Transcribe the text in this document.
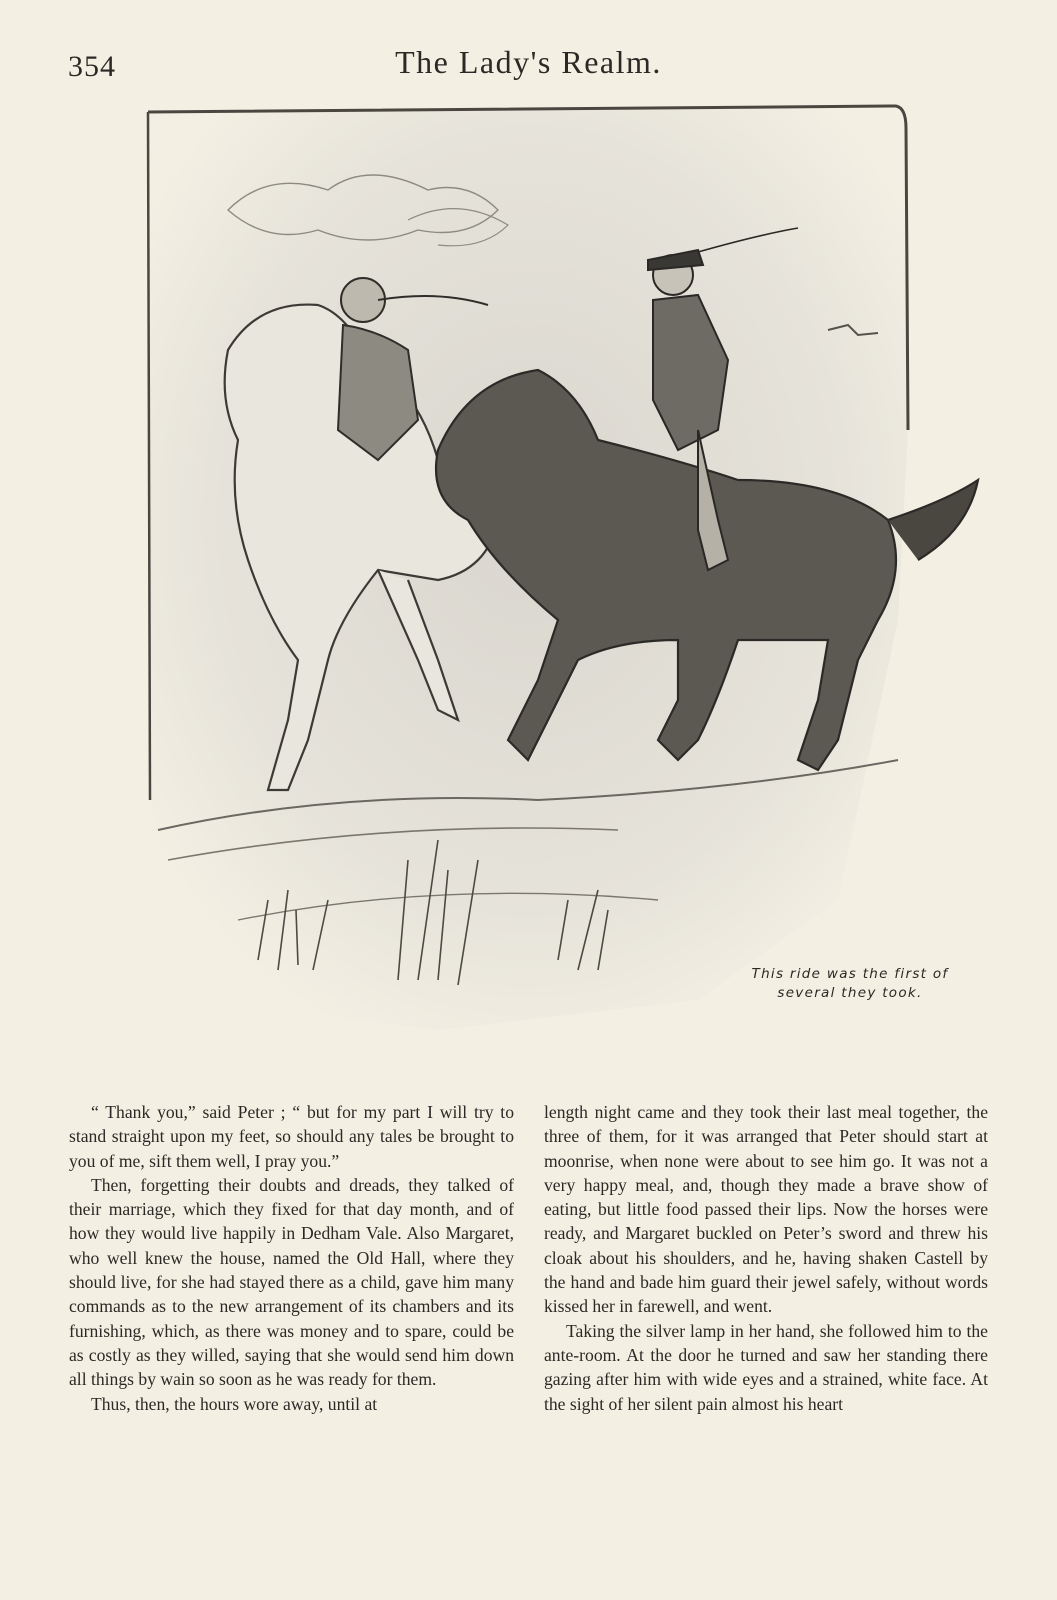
354	The Lady's Realm.
This ride was the first of
several they took.

“ Thank you,” said Peter ; “ but for my part I will try to stand straight upon my feet, so should any tales be brought to you of me, sift them well, I pray you.”

Then, forgetting their doubts and dreads, they talked of their marriage, which they fixed for that day month, and of how they would live happily in Dedham Vale. Also Margaret, who well knew the house, named the Old Hall, where they should live, for she had stayed there as a child, gave him many commands as to the new arrangement of its chambers and its furnishing, which, as there was money and to spare, could be as costly as they willed, saying that she would send him down all things by wain so soon as he was ready for them.

Thus, then, the hours wore away, until at

length night came and they took their last meal together, the three of them, for it was arranged that Peter should start at moonrise, when none were about to see him go. It was not a very happy meal, and, though they made a brave show of eating, but little food passed their lips. Now the horses were ready, and Margaret buckled on Peter’s sword and threw his cloak about his shoulders, and he, having shaken Castell by the hand and bade him guard their jewel safely, without words kissed her in farewell, and went.

Taking the silver lamp in her hand, she followed him to the ante-room. At the door he turned and saw her standing there gazing after him with wide eyes and a strained, white face. At the sight of her silent pain almost his heart
